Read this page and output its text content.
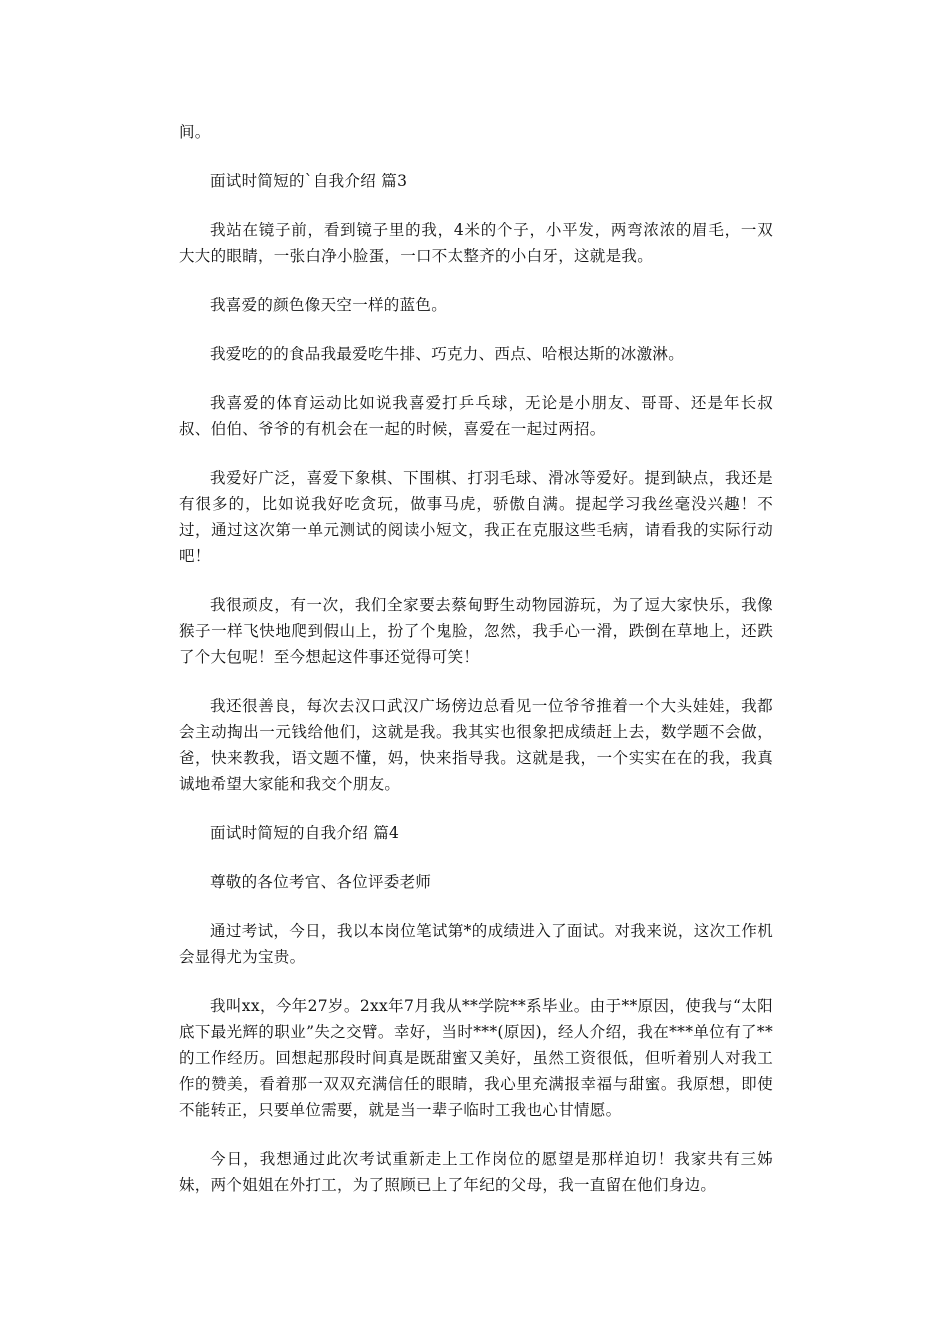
间。

面试时简短的`自我介绍 篇3

我站在镜子前，看到镜子里的我，4米的个子，小平发，两弯浓浓的眉毛，一双大大的眼睛，一张白净小脸蛋，一口不太整齐的小白牙，这就是我。

我喜爱的颜色像天空一样的蓝色。

我爱吃的的食品我最爱吃牛排、巧克力、西点、哈根达斯的冰激淋。

我喜爱的体育运动比如说我喜爱打乒乓球，无论是小朋友、哥哥、还是年长叔叔、伯伯、爷爷的有机会在一起的时候，喜爱在一起过两招。

我爱好广泛，喜爱下象棋、下围棋、打羽毛球、滑冰等爱好。提到缺点，我还是有很多的，比如说我好吃贪玩，做事马虎，骄傲自满。提起学习我丝毫没兴趣！不过，通过这次第一单元测试的阅读小短文，我正在克服这些毛病，请看我的实际行动吧！

我很顽皮，有一次，我们全家要去蔡甸野生动物园游玩，为了逗大家快乐，我像猴子一样飞快地爬到假山上，扮了个鬼脸，忽然，我手心一滑，跌倒在草地上，还跌了个大包呢！至今想起这件事还觉得可笑！

我还很善良，每次去汉口武汉广场傍边总看见一位爷爷推着一个大头娃娃，我都会主动掏出一元钱给他们，这就是我。我其实也很象把成绩赶上去，数学题不会做，爸，快来教我，语文题不懂，妈，快来指导我。这就是我，一个实实在在的我，我真诚地希望大家能和我交个朋友。

面试时简短的自我介绍 篇4

尊敬的各位考官、各位评委老师

通过考试，今日，我以本岗位笔试第*的成绩进入了面试。对我来说，这次工作机会显得尤为宝贵。

我叫xx，今年27岁。2xx年7月我从**学院**系毕业。由于**原因，使我与“太阳底下最光辉的职业”失之交臂。幸好，当时***(原因)，经人介绍，我在***单位有了**的工作经历。回想起那段时间真是既甜蜜又美好，虽然工资很低，但听着别人对我工作的赞美，看着那一双双充满信任的眼睛，我心里充满报幸福与甜蜜。我原想，即使不能转正，只要单位需要，就是当一辈子临时工我也心甘情愿。

今日，我想通过此次考试重新走上工作岗位的愿望是那样迫切！我家共有三姊妹，两个姐姐在外打工，为了照顾已上了年纪的父母，我一直留在他们身边。
